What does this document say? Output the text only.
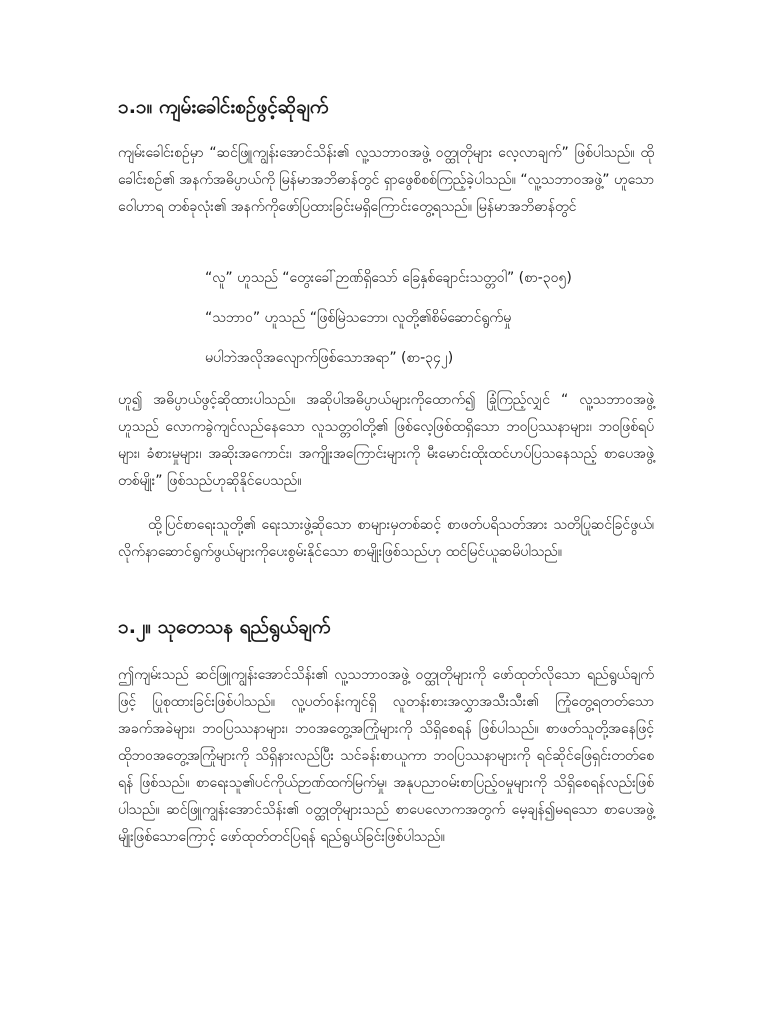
၁.၁။ ကျမ်းခေါင်းစဉ်ဖွင့်ဆိုချက်
ကျမ်းခေါင်းစဉ်မှာ “ဆင်ဖြူကျွန်းအောင်သိန်း၏ လူ့သဘာဝအဖွဲ့ ဝတ္ထုတိုများ လေ့လာချက်” ဖြစ်ပါသည်။ ထိုခေါင်းစဉ်၏ အနက်အဓိပ္ပာယ်ကို မြန်မာအဘိဓာန်တွင် ရှာဖွေစိစစ်ကြည့်ခဲ့ပါသည်။ “လူ့သဘာဝအဖွဲ့” ဟူသော ဝေါဟာရ တစ်ခုလုံး၏ အနက်ကိုဖော်ပြထားခြင်းမရှိကြောင်းတွေ့ရသည်။ မြန်မာအဘိဓာန်တွင်
“လူ” ဟူသည် “တွေးခေါ်ဉာဏ်ရှိသော် ခြေနှစ်ချောင်းသတ္တဝါ” (စာ-၃၀၅)
“သဘာဝ” ဟူသည် “ဖြစ်မြဲသဘော၊ လူတို့၏စိမ်ဆောင်ရွက်မှု
မပါဘဲအလိုအလျောက်ဖြစ်သောအရာ” (စာ-၃၄၂)
ဟူ၍ အဓိပ္ပာယ်ဖွင့်ဆိုထားပါသည်။ အဆိုပါအဓိပ္ပာယ်များကိုထောက်၍ ခြုံကြည့်လျှင် “ လူ့သဘာဝအဖွဲ့ဟူသည် လောကခွဲကျင်လည်နေသော လူသတ္တဝါတို့၏ ဖြစ်လေ့ဖြစ်ထရှိသော ဘဝပြဿနာများ၊ ဘဝဖြစ်ရပ်များ၊ ခံစားမှုများ၊ အဆိုးအကောင်း၊ အကျိုးအကြောင်းများကို မီးမောင်းထိုးထင်ဟပ်ပြသနေသည့် စာပေအဖွဲ့တစ်မျိုး” ဖြစ်သည်ဟုဆိုနိုင်ပေသည်။
ထို့ပြင်စာရေးသူတို့၏ ရေးသားဖွဲ့ဆိုသော စာများမှတစ်ဆင့် စာဖတ်ပရိသတ်အား သတိပြုဆင်ခြင်ဖွယ်၊ လိုက်နာဆောင်ရွက်ဖွယ်များကိုပေးစွမ်းနိုင်သော စာမျိုးဖြစ်သည်ဟု ထင်မြင်ယူဆမိပါသည်။
၁.၂။ သုတေသန ရည်ရွယ်ချက်
ဤကျမ်းသည် ဆင်ဖြူကျွန်းအောင်သိန်း၏ လူ့သဘာဝအဖွဲ့ ဝတ္ထုတိုများကို ဖော်ထုတ်လိုသော ရည်ရွယ်ချက်ဖြင့် ပြုစုထားခြင်းဖြစ်ပါသည်။ လူ့ပတ်ဝန်းကျင်ရှိ လူတန်းစားအလွှာအသီးသီး၏ ကြုံတွေ့ရတတ်သော အခက်အခဲများ၊ ဘဝပြဿနာများ၊ ဘဝအတွေ့အကြုံများကို သိရှိစေရန် ဖြစ်ပါသည်။ စာဖတ်သူတို့အနေဖြင့် ထိုဘဝအတွေ့အကြုံများကို သိရှိနားလည်ပြီး သင်ခန်းစာယူကာ ဘဝပြဿနာများကို ရင်ဆိုင်ဖြေရှင်းတတ်စေရန် ဖြစ်သည်။ စာရေးသူ၏ပင်ကိုယ်ဉာဏ်ထက်မြက်မှု၊ အနုပညာဝမ်းစာပြည့်ဝမှုများကို သိရှိစေရန်လည်းဖြစ်ပါသည်။ ဆင်ဖြူကျွန်းအောင်သိန်း၏ ဝတ္ထုတိုများသည် စာပေလောကအတွက် မေ့ချန်၍မရသော စာပေအဖွဲ့မျိုးဖြစ်သောကြောင့် ဖော်ထုတ်တင်ပြရန် ရည်ရွယ်ခြင်းဖြစ်ပါသည်။
